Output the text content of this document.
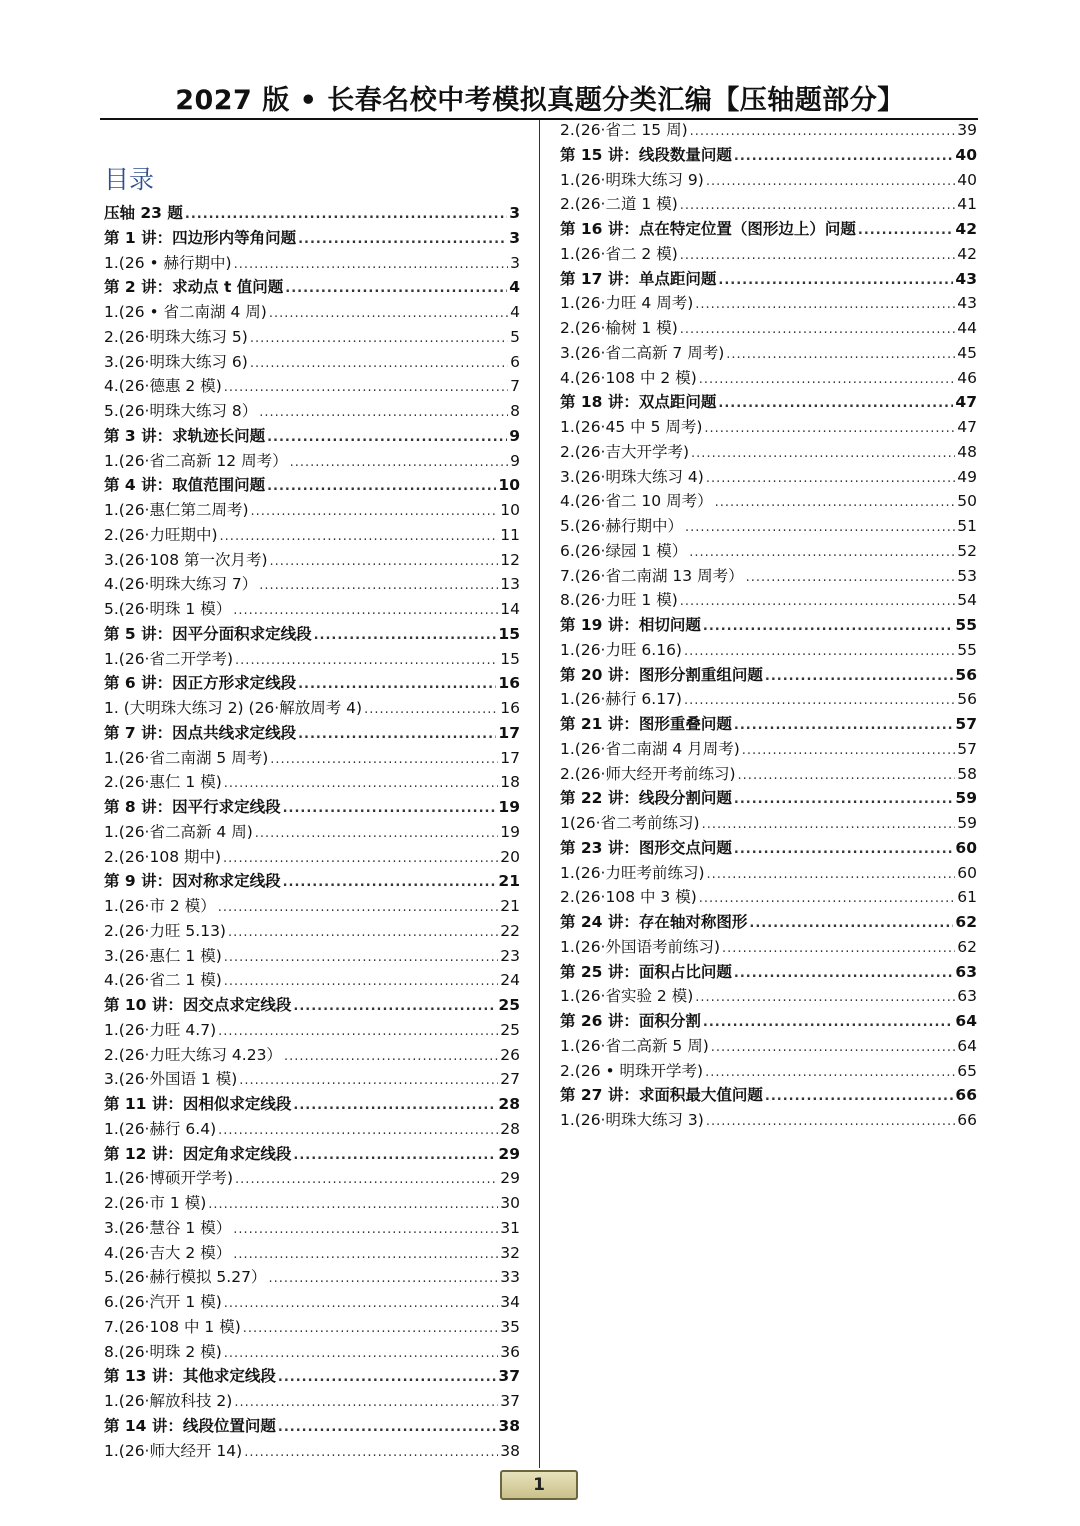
2027 版 • 长春名校中考模拟真题分类汇编【压轴题部分】
目录
压轴 23 题 .....	3
第 1 讲：四边形内等角问题 .....	3
1.(26 • 赫行期中) .....	3
第 2 讲：求动点 t 值问题 .....	4
1.(26 • 省二南湖 4 周) .....	4
2.(26·明珠大练习 5) .....	5
3.(26·明珠大练习 6) .....	6
4.(26·德惠 2 模) .....	7
5.(26·明珠大练习 8） .....	8
第 3 讲：求轨迹长问题 .....	9
1.(26·省二高新 12 周考） .....	9
第 4 讲：取值范围问题 .....	10
1.(26·惠仁第二周考) .....	10
2.(26·力旺期中) .....	11
3.(26·108 第一次月考) .....	12
4.(26·明珠大练习 7） .....	13
5.(26·明珠 1 模） .....	14
第 5 讲：因平分面积求定线段 .....	15
1.(26·省二开学考) .....	15
第 6 讲：因正方形求定线段 .....	16
1. (大明珠大练习 2) (26·解放周考 4) .....	16
第 7 讲：因点共线求定线段 .....	17
1.(26·省二南湖 5 周考) .....	17
2.(26·惠仁 1 模) .....	18
第 8 讲：因平行求定线段 .....	19
1.(26·省二高新 4 周) .....	19
2.(26·108 期中) .....	20
第 9 讲：因对称求定线段 .....	21
1.(26·市 2 模） .....	21
2.(26·力旺 5.13) .....	22
3.(26·惠仁 1 模) .....	23
4.(26·省二 1 模) .....	24
第 10 讲：因交点求定线段 .....	25
1.(26·力旺 4.7) .....	25
2.(26·力旺大练习 4.23） .....	26
3.(26·外国语 1 模) .....	27
第 11 讲：因相似求定线段 .....	28
1.(26·赫行 6.4) .....	28
第 12 讲：因定角求定线段 .....	29
1.(26·博硕开学考) .....	29
2.(26·市 1 模) .....	30
3.(26·慧谷 1 模） .....	31
4.(26·吉大 2 模） .....	32
5.(26·赫行模拟 5.27） .....	33
6.(26·汽开 1 模) .....	34
7.(26·108 中 1 模) .....	35
8.(26·明珠 2 模) .....	36
第 13 讲：其他求定线段 .....	37
1.(26·解放科技 2) .....	37
第 14 讲：线段位置问题 .....	38
1.(26·师大经开 14) .....	38
2.(26·省二 15 周) .....	39
第 15 讲：线段数量问题 .....	40
1.(26·明珠大练习 9) .....	40
2.(26·二道 1 模) .....	41
第 16 讲：点在特定位置（图形边上）问题 .....	42
1.(26·省二 2 模) .....	42
第 17 讲：单点距问题 .....	43
1.(26·力旺 4 周考) .....	43
2.(26·榆树 1 模) .....	44
3.(26·省二高新 7 周考) .....	45
4.(26·108 中 2 模) .....	46
第 18 讲：双点距问题 .....	47
1.(26·45 中 5 周考) .....	47
2.(26·吉大开学考) .....	48
3.(26·明珠大练习 4) .....	49
4.(26·省二 10 周考） .....	50
5.(26·赫行期中） .....	51
6.(26·绿园 1 模） .....	52
7.(26·省二南湖 13 周考） .....	53
8.(26·力旺 1 模) .....	54
第 19 讲：相切问题 .....	55
1.(26·力旺 6.16) .....	55
第 20 讲：图形分割重组问题 .....	56
1.(26·赫行 6.17) .....	56
第 21 讲：图形重叠问题 .....	57
1.(26·省二南湖 4 月周考) .....	57
2.(26·师大经开考前练习) .....	58
第 22 讲：线段分割问题 .....	59
1(26·省二考前练习) .....	59
第 23 讲：图形交点问题 .....	60
1.(26·力旺考前练习) .....	60
2.(26·108 中 3 模) .....	61
第 24 讲：存在轴对称图形 .....	62
1.(26·外国语考前练习) .....	62
第 25 讲：面积占比问题 .....	63
1.(26·省实验 2 模) .....	63
第 26 讲：面积分割 .....	64
1.(26·省二高新 5 周) .....	64
2.(26 • 明珠开学考) .....	65
第 27 讲：求面积最大值问题 .....	66
1.(26·明珠大练习 3) .....	66
1
